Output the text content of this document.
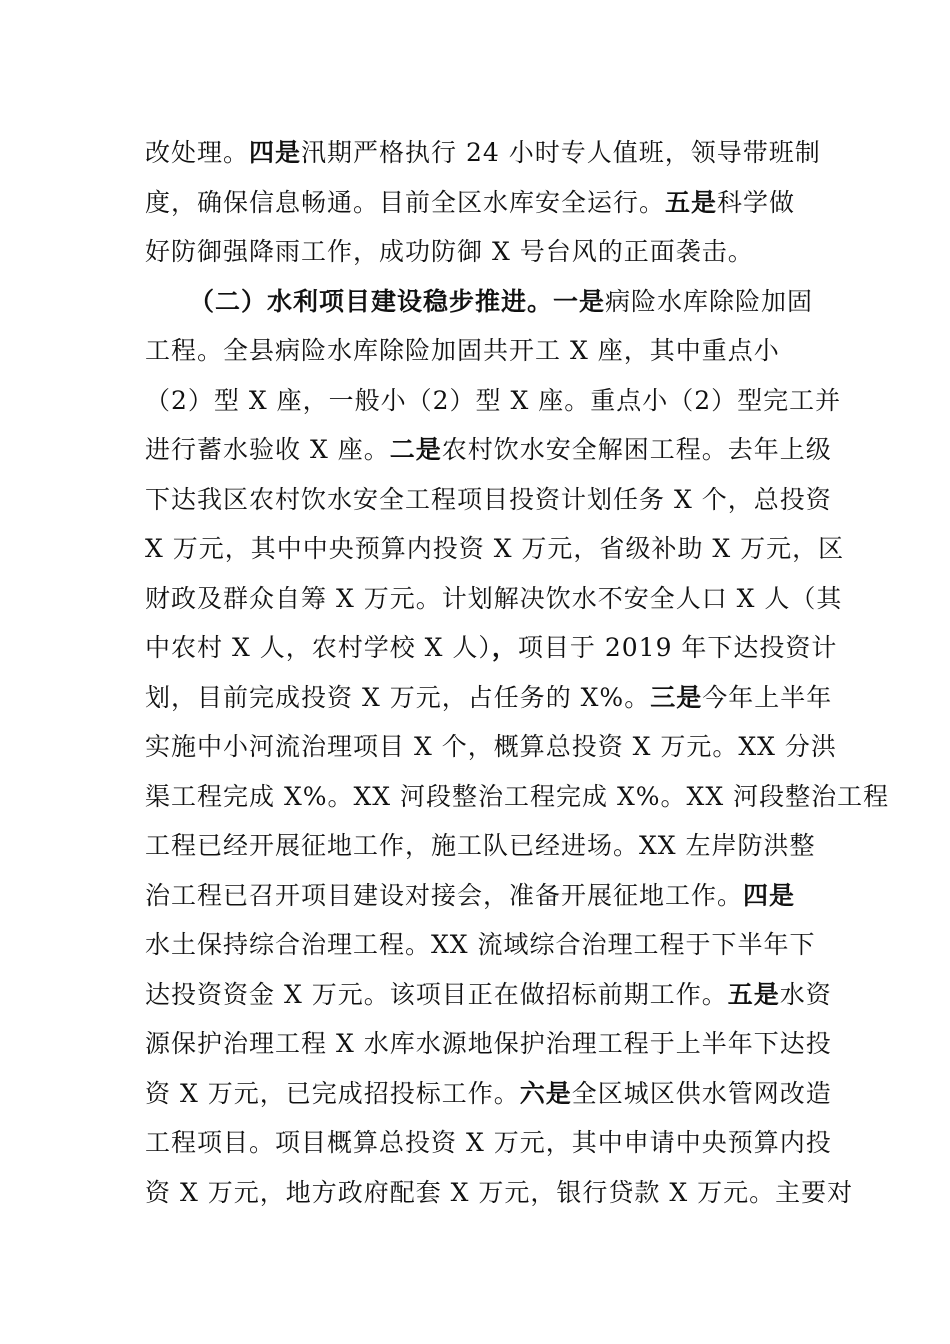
改处理。四是汛期严格执行 24 小时专人值班，领导带班制
度，确保信息畅通。目前全区水库安全运行。五是科学做
好防御强降雨工作，成功防御 X 号台风的正面袭击。
（二）水利项目建设稳步推进。一是病险水库除险加固
工程。全县病险水库除险加固共开工 X 座，其中重点小
（2）型 X 座，一般小（2）型 X 座。重点小（2）型完工并
进行蓄水验收 X 座。二是农村饮水安全解困工程。去年上级
下达我区农村饮水安全工程项目投资计划任务 X 个，总投资
X 万元，其中中央预算内投资 X 万元，省级补助 X 万元，区
财政及群众自筹 X 万元。计划解决饮水不安全人口 X 人（其
中农村 X 人，农村学校 X 人），项目于 2019 年下达投资计
划，目前完成投资 X 万元，占任务的 X%。三是今年上半年
实施中小河流治理项目 X 个，概算总投资 X 万元。XX 分洪
渠工程完成 X%。XX 河段整治工程完成 X%。XX 河段整治工程
工程已经开展征地工作，施工队已经进场。XX 左岸防洪整
治工程已召开项目建设对接会，准备开展征地工作。四是
水土保持综合治理工程。XX 流域综合治理工程于下半年下
达投资资金 X 万元。该项目正在做招标前期工作。五是水资
源保护治理工程 X 水库水源地保护治理工程于上半年下达投
资 X 万元，已完成招投标工作。六是全区城区供水管网改造
工程项目。项目概算总投资 X 万元，其中申请中央预算内投
资 X 万元，地方政府配套 X 万元，银行贷款 X 万元。主要对
